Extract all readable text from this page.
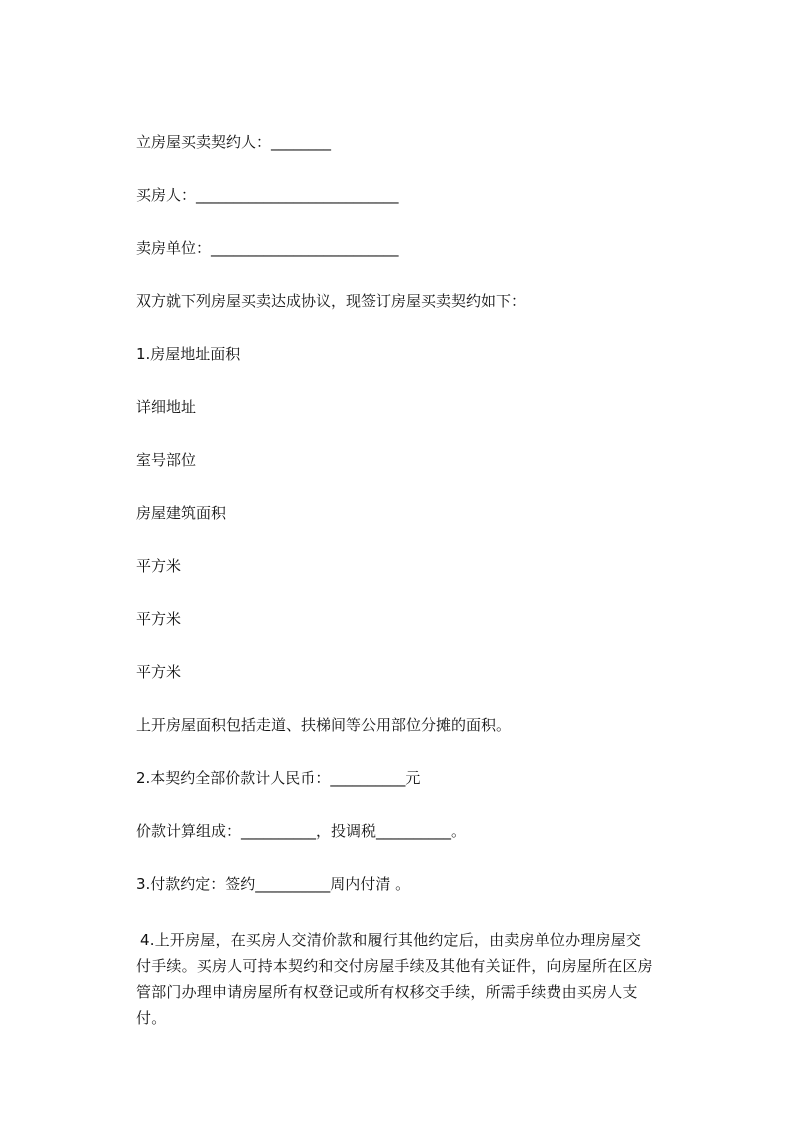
立房屋买卖契约人：________
买房人：___________________________
卖房单位：_________________________
双方就下列房屋买卖达成协议，现签订房屋买卖契约如下：
1.房屋地址面积
详细地址
室号部位
房屋建筑面积
平方米
平方米
平方米
上开房屋面积包括走道、扶梯间等公用部位分摊的面积。
2.本契约全部价款计人民币：__________元
价款计算组成：__________，投调税__________。
3.付款约定：签约__________周内付清 。
4.上开房屋，在买房人交清价款和履行其他约定后，由卖房单位办理房屋交付手续。买房人可持本契约和交付房屋手续及其他有关证件，向房屋所在区房管部门办理申请房屋所有权登记或所有权移交手续，所需手续费由买房人支付。
